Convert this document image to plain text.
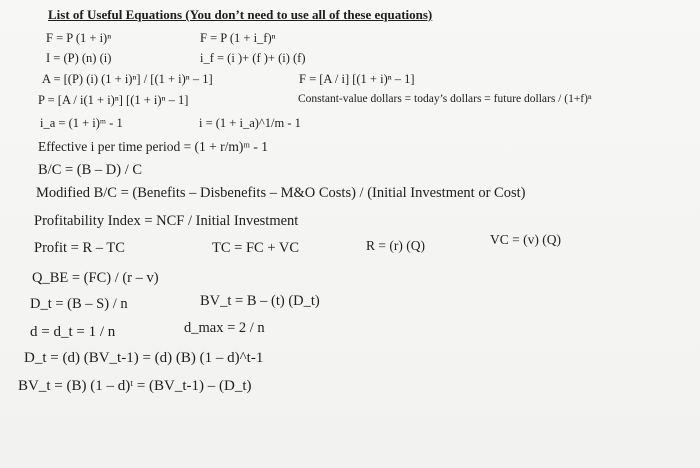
List of Useful Equations (You don’t need to use all of these equations)
F = P (1 + i)ⁿ	F = P (1 + i_f)ⁿ
I = (P) (n) (i)	i_f = (i )+ (f )+ (i) (f)
A = [(P) (i) (1 + i)ⁿ] / [(1 + i)ⁿ – 1]	F = [A / i] [(1 + i)ⁿ – 1]
P = [A / i(1 + i)ⁿ] [(1 + i)ⁿ – 1]	Constant-value dollars = today’s dollars = future dollars / (1+f)ⁿ
i_a = (1 + i)ᵐ - 1	i = (1 + i_a)^1/m - 1
Effective i per time period = (1 + r/m)ᵐ - 1
B/C = (B – D) / C
Modified B/C = (Benefits – Disbenefits – M&O Costs) / (Initial Investment or Cost)
Profitability Index = NCF / Initial Investment
Profit = R – TC	TC = FC + VC	R = (r) (Q)	VC = (v) (Q)
Q_BE = (FC) / (r – v)
D_t = (B – S) / n	BV_t = B – (t) (D_t)
d = d_t = 1 / n	d_max = 2 / n
D_t = (d) (BV_t-1) = (d) (B) (1 – d)^t-1
BV_t = (B) (1 – d)ᵗ = (BV_t-1) – (D_t)
